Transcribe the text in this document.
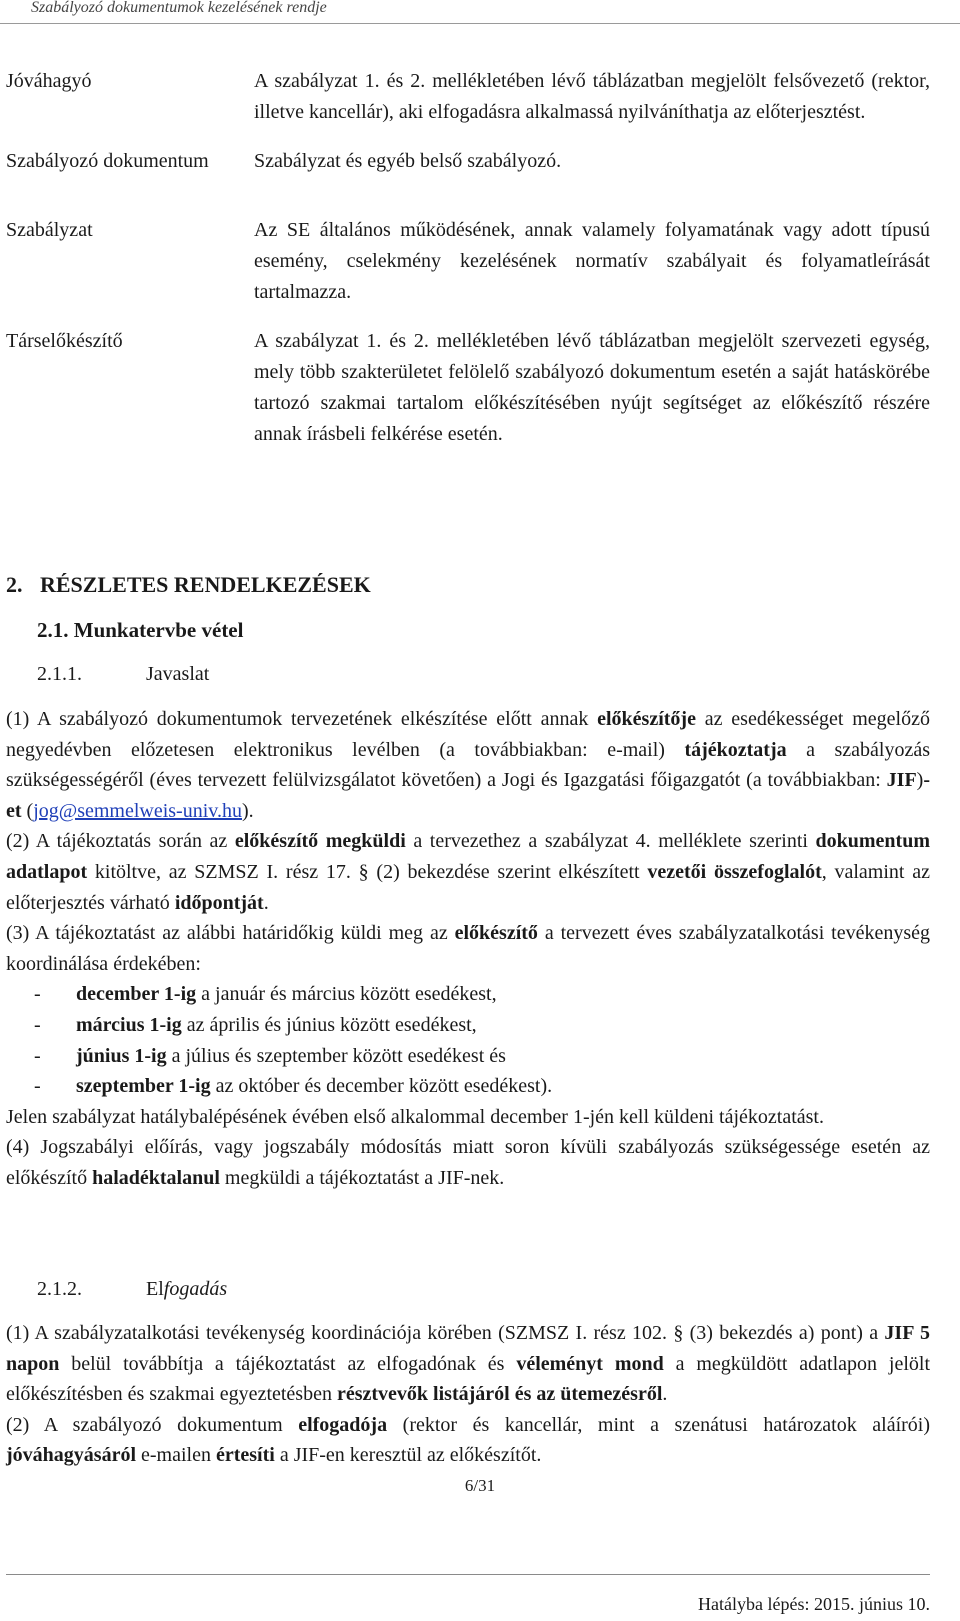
Szabályozó dokumentumok kezelésének rendje
Jóváhagyó	A szabályzat 1. és 2. mellékletében lévő táblázatban megjelölt felsővezető (rektor, illetve kancellár), aki elfogadásra alkalmassá nyilváníthatja az előterjesztést.
Szabályozó dokumentum	Szabályzat és egyéb belső szabályozó.
Szabályzat	Az SE általános működésének, annak valamely folyamatának vagy adott típusú esemény, cselekmény kezelésének normatív szabályait és folyamatleírását tartalmazza.
Társelőkészítő	A szabályzat 1. és 2. mellékletében lévő táblázatban megjelölt szervezeti egység, mely több szakterületet felölelő szabályozó dokumentum esetén a saját hatáskörébe tartozó szakmai tartalom előkészítésében nyújt segítséget az előkészítő részére annak írásbeli felkérése esetén.
2. RÉSZLETES RENDELKEZÉSEK
2.1. Munkatervbe vétel
2.1.1.	Javaslat

(1) A szabályozó dokumentumok tervezetének elkészítése előtt annak előkészítője az esedékességet megelőző negyedévben előzetesen elektronikus levélben (a továbbiakban: e-mail) tájékoztatja a szabályozás szükségességéről (éves tervezett felülvizsgálatot követően) a Jogi és Igazgatási főigazgatót (a továbbiakban: JIF)-et (jog@semmelweis-univ.hu).

(2) A tájékoztatás során az előkészítő megküldi a tervezethez a szabályzat 4. melléklete szerinti dokumentum adatlapot kitöltve, az SZMSZ I. rész 17. § (2) bekezdése szerint elkészített vezetői összefoglalót, valamint az előterjesztés várható időpontját.

(3) A tájékoztatást az alábbi határidőkig küldi meg az előkészítő a tervezett éves szabályzatalkotási tevékenység koordinálása érdekében:

-	december 1-ig a január és március között esedékest,
-	március 1-ig az április és június között esedékest,
-	június 1-ig a július és szeptember között esedékest és
-	szeptember 1-ig az október és december között esedékest).

Jelen szabályzat hatálybalépésének évében első alkalommal december 1-jén kell küldeni tájékoztatást.

(4) Jogszabályi előírás, vagy jogszabály módosítás miatt soron kívüli szabályozás szükségessége esetén az előkészítő haladéktalanul megküldi a tájékoztatást a JIF-nek.

2.1.2.	Elfogadás

(1) A szabályzatalkotási tevékenység koordinációja körében (SZMSZ I. rész 102. § (3) bekezdés a) pont) a JIF 5 napon belül továbbítja a tájékoztatást az elfogadónak és véleményt mond a megküldött adatlapon jelölt előkészítésben és szakmai egyeztetésben résztvevők listájáról és az ütemezésről.

(2) A szabályozó dokumentum elfogadója (rektor és kancellár, mint a szenátusi határozatok aláírói) jóváhagyásáról e-mailen értesíti a JIF-en keresztül az előkészítőt.

6/31
Hatályba lépés: 2015. június 10.
